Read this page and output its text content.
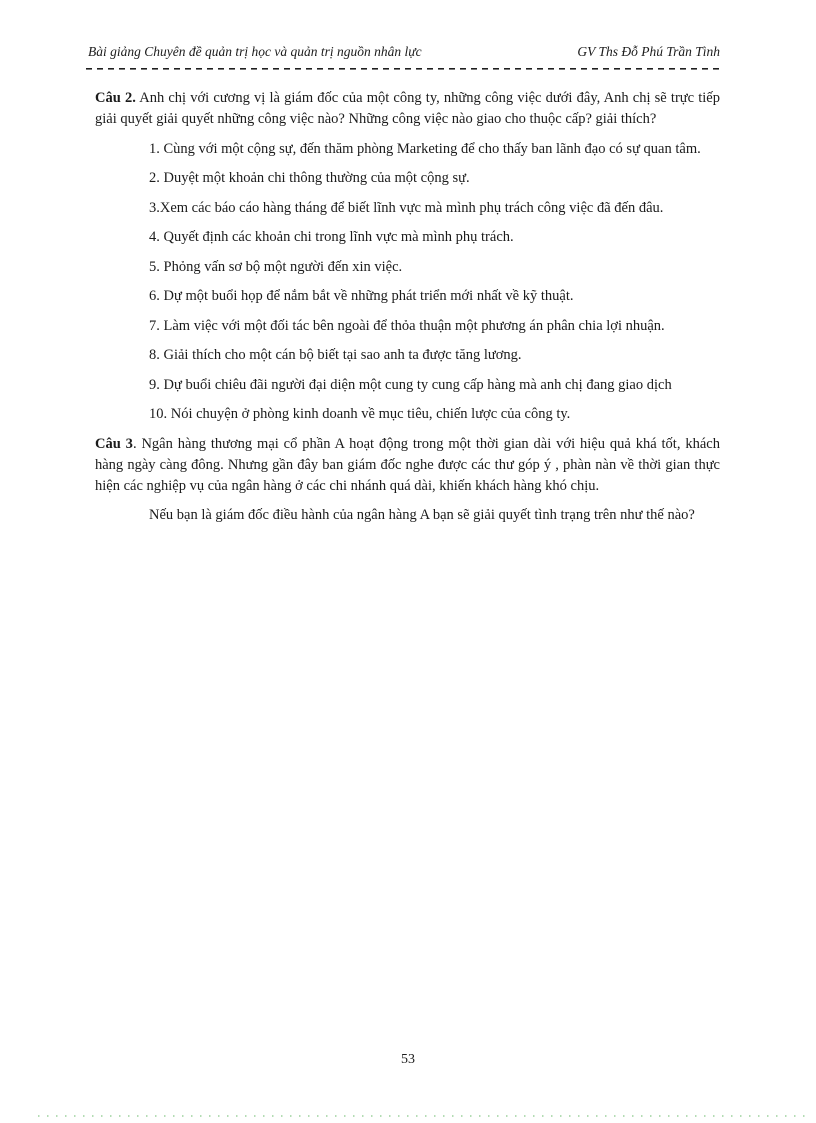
Bài giảng Chuyên đề quản trị học và quản trị nguồn nhân lực	GV Ths Đỗ Phú Trần Tình

Câu 2. Anh chị với cương vị là giám đốc của một công ty, những công việc dưới đây, Anh chị sẽ trực tiếp giải quyết giải quyết những công việc nào? Những công việc nào giao cho thuộc cấp? giải thích?

1. Cùng với một cộng sự, đến thăm phòng Marketing để cho thấy ban lãnh đạo có sự quan tâm.

2. Duyệt một khoản chi thông thường của một cộng sự.

3.Xem các báo cáo hàng tháng để biết lĩnh vực mà mình phụ trách công việc đã đến đâu.

4. Quyết định các khoản chi trong lĩnh vực mà mình phụ trách.

5. Phỏng vấn sơ bộ một người đến xin việc.

6. Dự một buổi họp để nắm bắt về những phát triển mới nhất về kỹ thuật.

7. Làm việc với một đối tác bên ngoài để thỏa thuận một phương án phân chia lợi nhuận.

8. Giải thích cho một cán bộ biết tại sao anh ta được tăng lương.

9. Dự buổi chiêu đãi người đại diện một cung ty cung cấp hàng mà anh chị đang giao dịch

10. Nói chuyện ở phòng kinh doanh về mục tiêu, chiến lược của công ty.

Câu 3. Ngân hàng thương mại cổ phần A hoạt động trong một thời gian dài với hiệu quả khá tốt, khách hàng ngày càng đông. Nhưng gần đây ban giám đốc nghe được các thư góp ý , phàn nàn về thời gian thực hiện các nghiệp vụ của ngân hàng ở các chi nhánh quá dài, khiến khách hàng khó chịu.

Nếu bạn là giám đốc điều hành của ngân hàng A bạn sẽ giải quyết tình trạng trên như thế nào?

53
